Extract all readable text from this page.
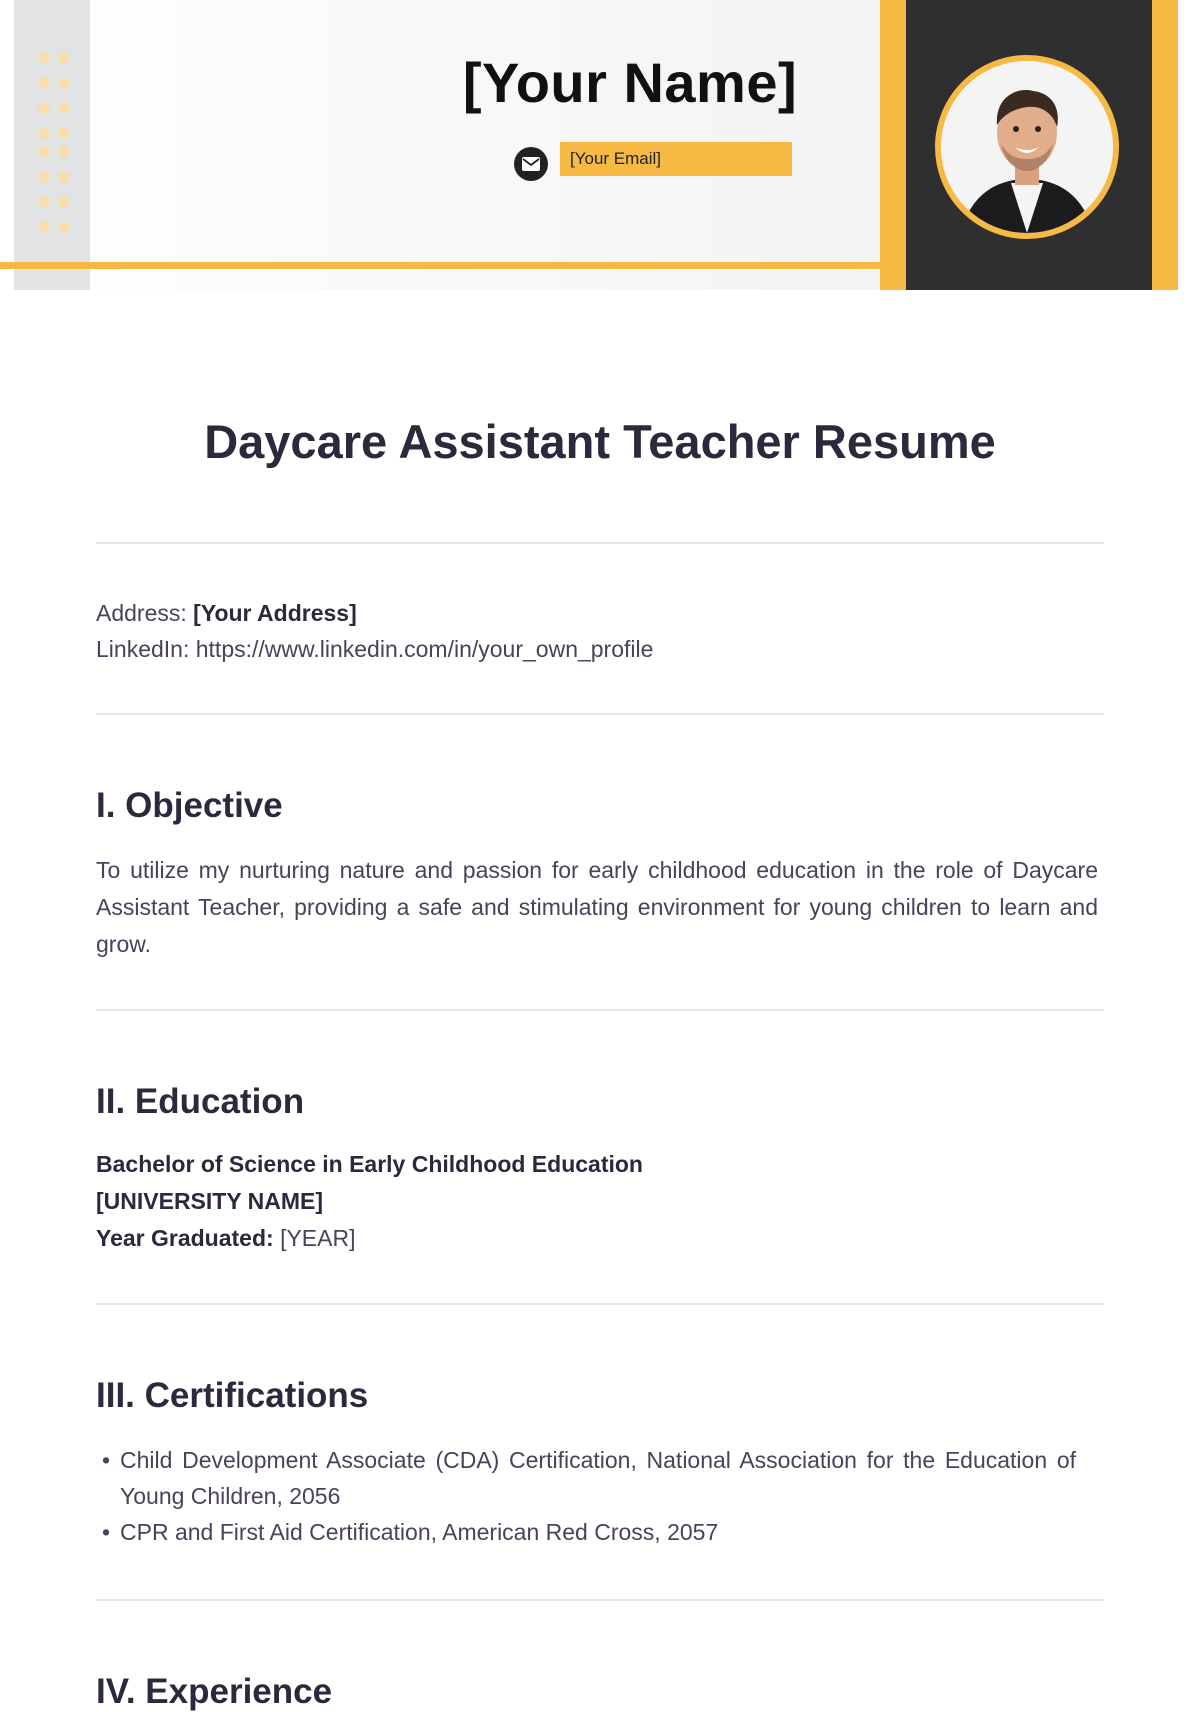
[Your Name]
[Your Email]
Daycare Assistant Teacher Resume
Address: [Your Address]
LinkedIn: https://www.linkedin.com/in/your_own_profile
I. Objective
To utilize my nurturing nature and passion for early childhood education in the role of Daycare Assistant Teacher, providing a safe and stimulating environment for young children to learn and grow.
II. Education
Bachelor of Science in Early Childhood Education
[UNIVERSITY NAME]
Year Graduated: [YEAR]
III. Certifications
• Child Development Associate (CDA) Certification, National Association for the Education of Young Children, 2056
• CPR and First Aid Certification, American Red Cross, 2057
IV. Experience
